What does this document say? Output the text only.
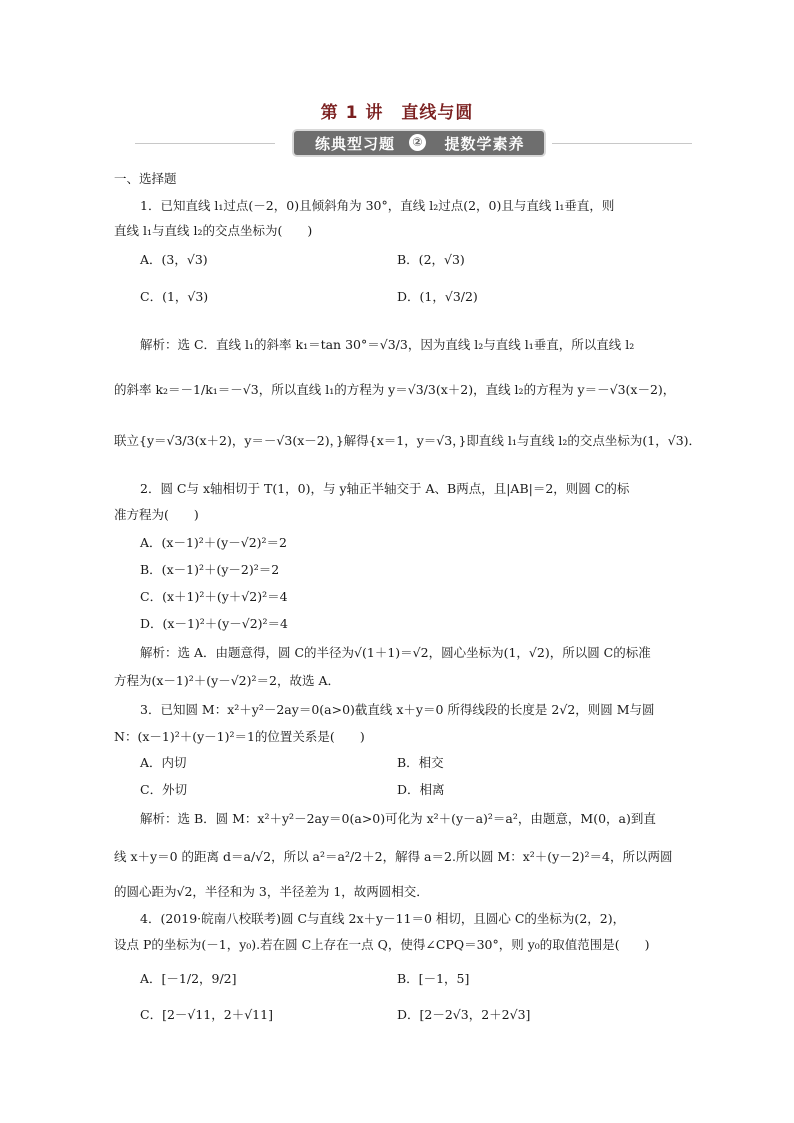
第 1 讲　直线与圆
练典型习题	②	提数学素养
一、选择题
1．已知直线 l₁过点(－2，0)且倾斜角为 30°，直线 l₂过点(2，0)且与直线 l₁垂直，则
直线 l₁与直线 l₂的交点坐标为(　　)
A．(3，√3)	B．(2，√3)
C．(1，√3)	D．(1，√3/2)
解析：选 C．直线 l₁的斜率 k₁＝tan 30°＝√3/3，因为直线 l₂与直线 l₁垂直，所以直线 l₂
的斜率 k₂＝－1/k₁＝－√3，所以直线 l₁的方程为 y＝√3/3(x＋2)，直线 l₂的方程为 y＝－√3(x－2)，
联立{y＝√3/3(x＋2)，y＝－√3(x－2)，}解得{x＝1，y＝√3，}即直线 l₁与直线 l₂的交点坐标为(1，√3)．
2．圆 C与 x轴相切于 T(1，0)，与 y轴正半轴交于 A、B两点，且|AB|＝2，则圆 C的标
准方程为(　　)
A．(x－1)²＋(y－√2)²＝2
B．(x－1)²＋(y－2)²＝2
C．(x＋1)²＋(y＋√2)²＝4
D．(x－1)²＋(y－√2)²＝4
解析：选 A．由题意得，圆 C的半径为√(1＋1)＝√2，圆心坐标为(1，√2)，所以圆 C的标准
方程为(x－1)²＋(y－√2)²＝2，故选 A．
3．已知圆 M：x²＋y²－2ay＝0(a>0)截直线 x＋y＝0 所得线段的长度是 2√2，则圆 M与圆
N：(x－1)²＋(y－1)²＝1的位置关系是(　　)
A．内切	B．相交
C．外切	D．相离
解析：选 B．圆 M：x²＋y²－2ay＝0(a>0)可化为 x²＋(y－a)²＝a²，由题意，M(0，a)到直
线 x＋y＝0 的距离 d＝a/√2，所以 a²＝a²/2＋2，解得 a＝2.所以圆 M：x²＋(y－2)²＝4，所以两圆
的圆心距为√2，半径和为 3，半径差为 1，故两圆相交．
4．(2019·皖南八校联考)圆 C与直线 2x＋y－11＝0 相切，且圆心 C的坐标为(2，2)，
设点 P的坐标为(－1，y₀).若在圆 C上存在一点 Q，使得∠CPQ＝30°，则 y₀的取值范围是(　　)
A．[－1/2，9/2]	B．[－1，5]
C．[2－√11，2＋√11]	D．[2－2√3，2＋2√3]
